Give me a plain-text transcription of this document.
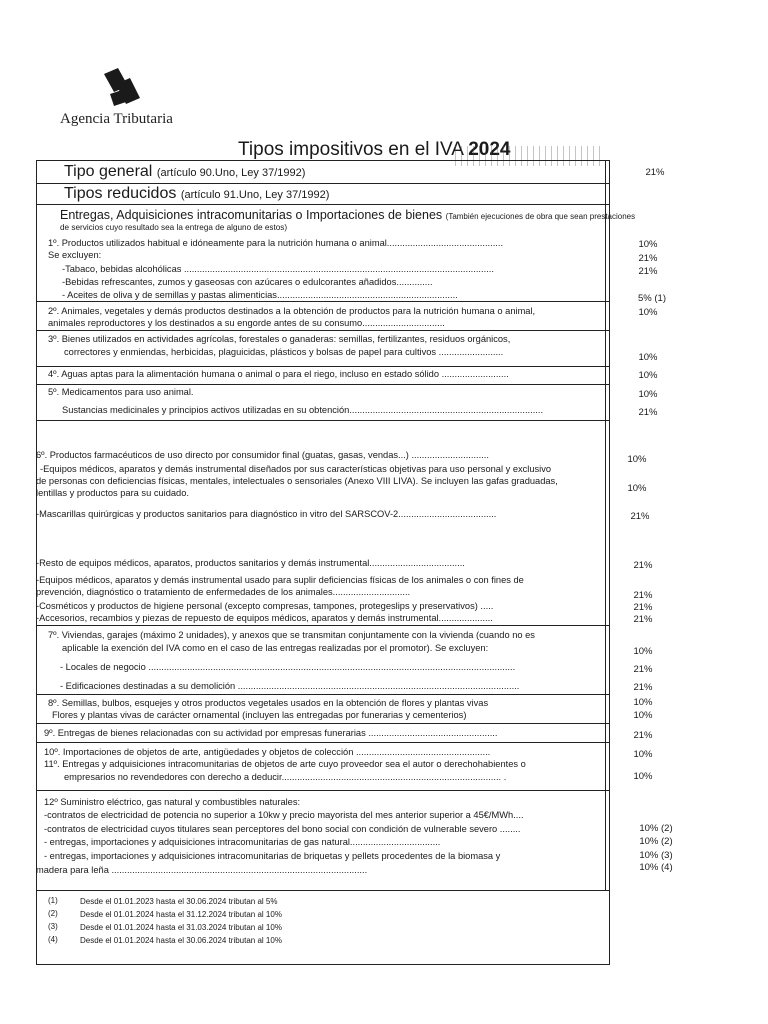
Agencia Tributaria
Tipos impositivos en el IVA 2024
Tipo general (artículo 90.Uno, Ley 37/1992)	21%
Tipos reducidos (artículo 91.Uno, Ley 37/1992)
Entregas, Adquisiciones intracomunitarias o Importaciones de bienes (También ejecuciones de obra que sean prestaciones
de servicios cuyo resultado sea la entrega de alguno de estos)
1º. Productos utilizados habitual e idóneamente para la nutrición humana o animal.............................................	10%
Se excluyen:	21%
-Tabaco, bebidas alcohólicas ........................................................................................................................	21%
-Bebidas refrescantes, zumos y gaseosas con azúcares o edulcorantes añadidos..............
- Aceites de oliva y de semillas y pastas alimenticias......................................................................	5% (1)
2º. Animales, vegetales y demás productos destinados a la obtención de productos para la nutrición humana o animal,	10%
animales reproductores y los destinados a su engorde antes de su consumo................................
3º. Bienes utilizados en actividades agrícolas, forestales o ganaderas: semillas, fertilizantes, residuos orgánicos,
correctores y enmiendas, herbicidas, plaguicidas, plásticos y bolsas de papel para cultivos .........................	10%
4º. Aguas aptas para la alimentación humana o animal o para el riego, incluso en estado sólido ..........................	10%
5º. Medicamentos para uso animal.	10%
Sustancias medicinales y principios activos utilizadas en su obtención...........................................................................	21%
6º. Productos farmacéuticos de uso directo por consumidor final (guatas, gasas, vendas...) ..............................	10%
-Equipos médicos, aparatos y demás instrumental diseñados por sus características objetivas para uso personal y exclusivo
de personas con deficiencias físicas, mentales, intelectuales o sensoriales (Anexo VIII LIVA). Se incluyen las gafas graduadas,
lentillas y productos para su cuidado.	10%
-Mascarillas quirúrgicas y productos sanitarios para diagnóstico in vitro del SARSCOV-2......................................	21%
-Resto de equipos médicos, aparatos, productos sanitarios y demás instrumental.....................................	21%
-Equipos médicos, aparatos y demás instrumental usado para suplir deficiencias físicas de los animales o con fines de
prevención, diagnóstico o tratamiento de enfermedades de los animales..............................	21%
-Cosméticos y productos de higiene personal (excepto compresas, tampones, protegeslips y preservativos) .....	21%
-Accesorios, recambios y piezas de repuesto de equipos médicos, aparatos y demás instrumental.....................	21%
7º. Viviendas, garajes (máximo 2 unidades), y anexos que se transmitan conjuntamente con la vivienda (cuando no es
aplicable la exención del IVA como en el caso de las entregas realizadas por el promotor). Se excluyen:	10%
- Locales de negocio ..............................................................................................................................................	21%
- Edificaciones destinadas a su demolición .............................................................................................................	21%
8º. Semillas, bulbos, esquejes y otros productos vegetales usados en la obtención de flores y plantas vivas	10%
Flores y plantas vivas de carácter ornamental (incluyen las entregadas por funerarias y cementerios)	10%
9º. Entregas de bienes relacionadas con su actividad por empresas funerarias ..................................................	21%
10º. Importaciones de objetos de arte, antigüedades y objetos de colección ....................................................	10%
11º. Entregas y adquisiciones intracomunitarias de objetos de arte cuyo proveedor sea el autor o derechohabientes o
empresarios no revendedores con derecho a deducir..................................................................................... .	10%
12º Suministro eléctrico, gas natural y combustibles naturales:
-contratos de electricidad de potencia no superior a 10kw y precio mayorista del mes anterior superior a 45€/MWh....
-contratos de electricidad cuyos titulares sean perceptores del bono social con condición de vulnerable severo ........	10% (2)
- entregas, importaciones y adquisiciones intracomunitarias de gas natural...................................	10% (2)
- entregas, importaciones y adquisiciones intracomunitarias de briquetas y pellets procedentes de la biomasa y	10% (3)
madera para leña ...................................................................................................	10% (4)
(1)	Desde el 01.01.2023 hasta el 30.06.2024 tributan al 5%
(2)	Desde el 01.01.2024 hasta el 31.12.2024 tributan al 10%
(3)	Desde el 01.01.2024 hasta el 31.03.2024 tributan al 10%
(4)	Desde el 01.01.2024 hasta el 30.06.2024 tributan al 10%
